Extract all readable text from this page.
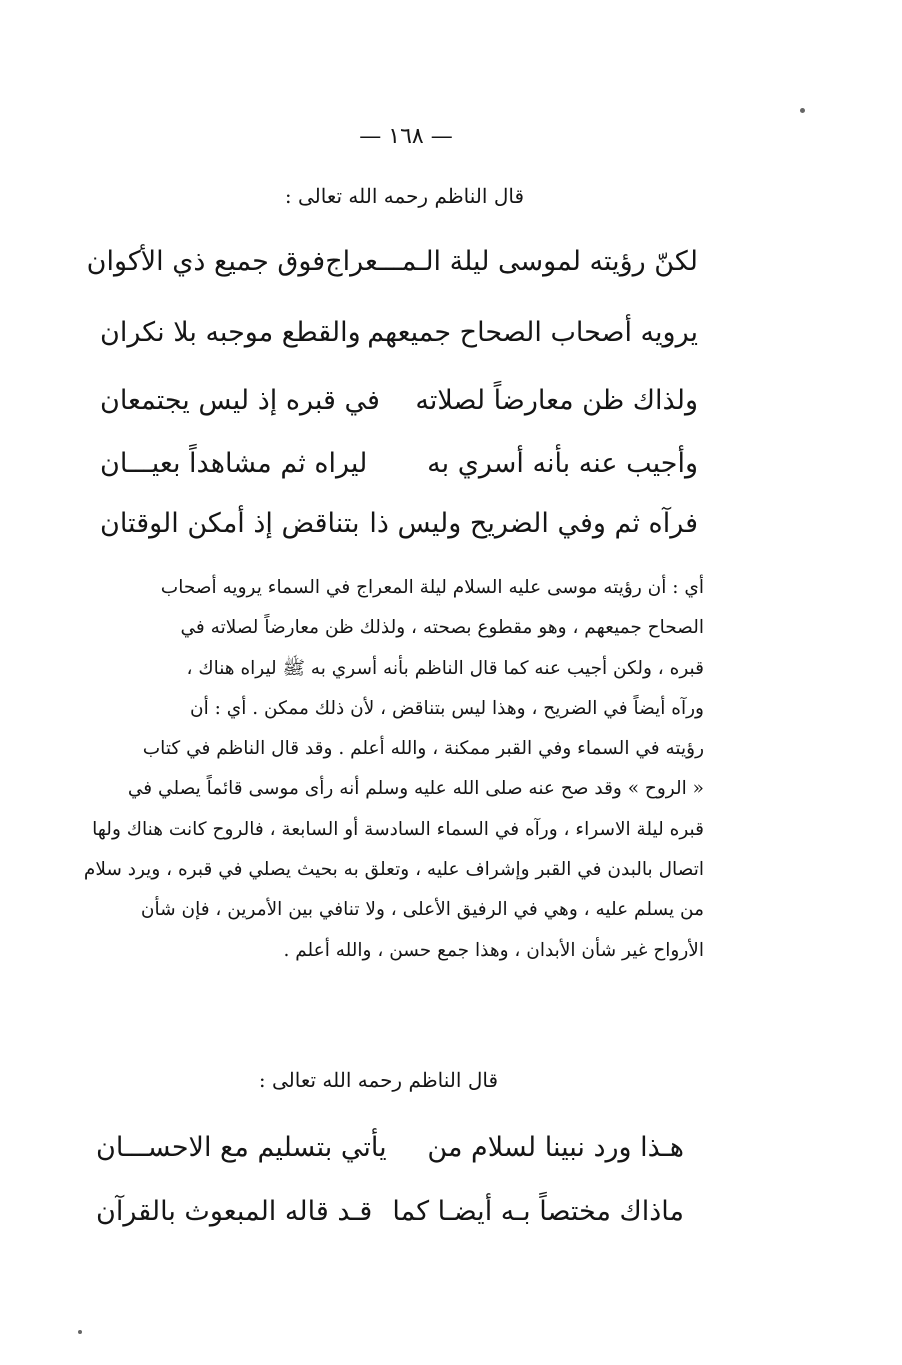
— ١٦٨ —
قال الناظم رحمه الله تعالى :
لكنّ رؤيته لموسى ليلة الـمـــعراج
فوق جميع ذي الأكوان
يرويه أصحاب الصحاح جميعهم
والقطع موجبه بلا نكران
ولذاك ظن معارضاً لصلاته
في قبره إذ ليس يجتمعان
وأجيب عنه بأنه أسري به
ليراه ثم مشاهداً بعيـــان
فرآه ثم وفي الضريح وليس ذا
بتناقض إذ أمكن الوقتان

أي : أن رؤيته موسى عليه السلام ليلة المعراج في السماء يرويه أصحاب

الصحاح جميعهم ، وهو مقطوع بصحته ، ولذلك ظن معارضاً لصلاته في

قبره ، ولكن أجيب عنه كما قال الناظم بأنه أسري به ﷺ ليراه هناك ،

ورآه أيضاً في الضريح ، وهذا ليس بتناقض ، لأن ذلك ممكن . أي : أن

رؤيته في السماء وفي القبر ممكنة ، والله أعلم . وقد قال الناظم في كتاب

« الروح » وقد صح عنه صلى الله عليه وسلم أنه رأى موسى قائماً يصلي في

قبره ليلة الاسراء ، ورآه في السماء السادسة أو السابعة ، فالروح كانت هناك ولها

اتصال بالبدن في القبر وإشراف عليه ، وتعلق به بحيث يصلي في قبره ، ويرد سلام

من يسلم عليه ، وهي في الرفيق الأعلى ، ولا تنافي بين الأمرين ، فإن شأن

الأرواح غير شأن الأبدان ، وهذا جمع حسن ، والله أعلم .

قال الناظم رحمه الله تعالى :
هـذا ورد نبينا لسلام من
يأتي بتسليم مع الاحســـان
ماذاك مختصاً بـه أيضـا كما
قـد قاله المبعوث بالقرآن
